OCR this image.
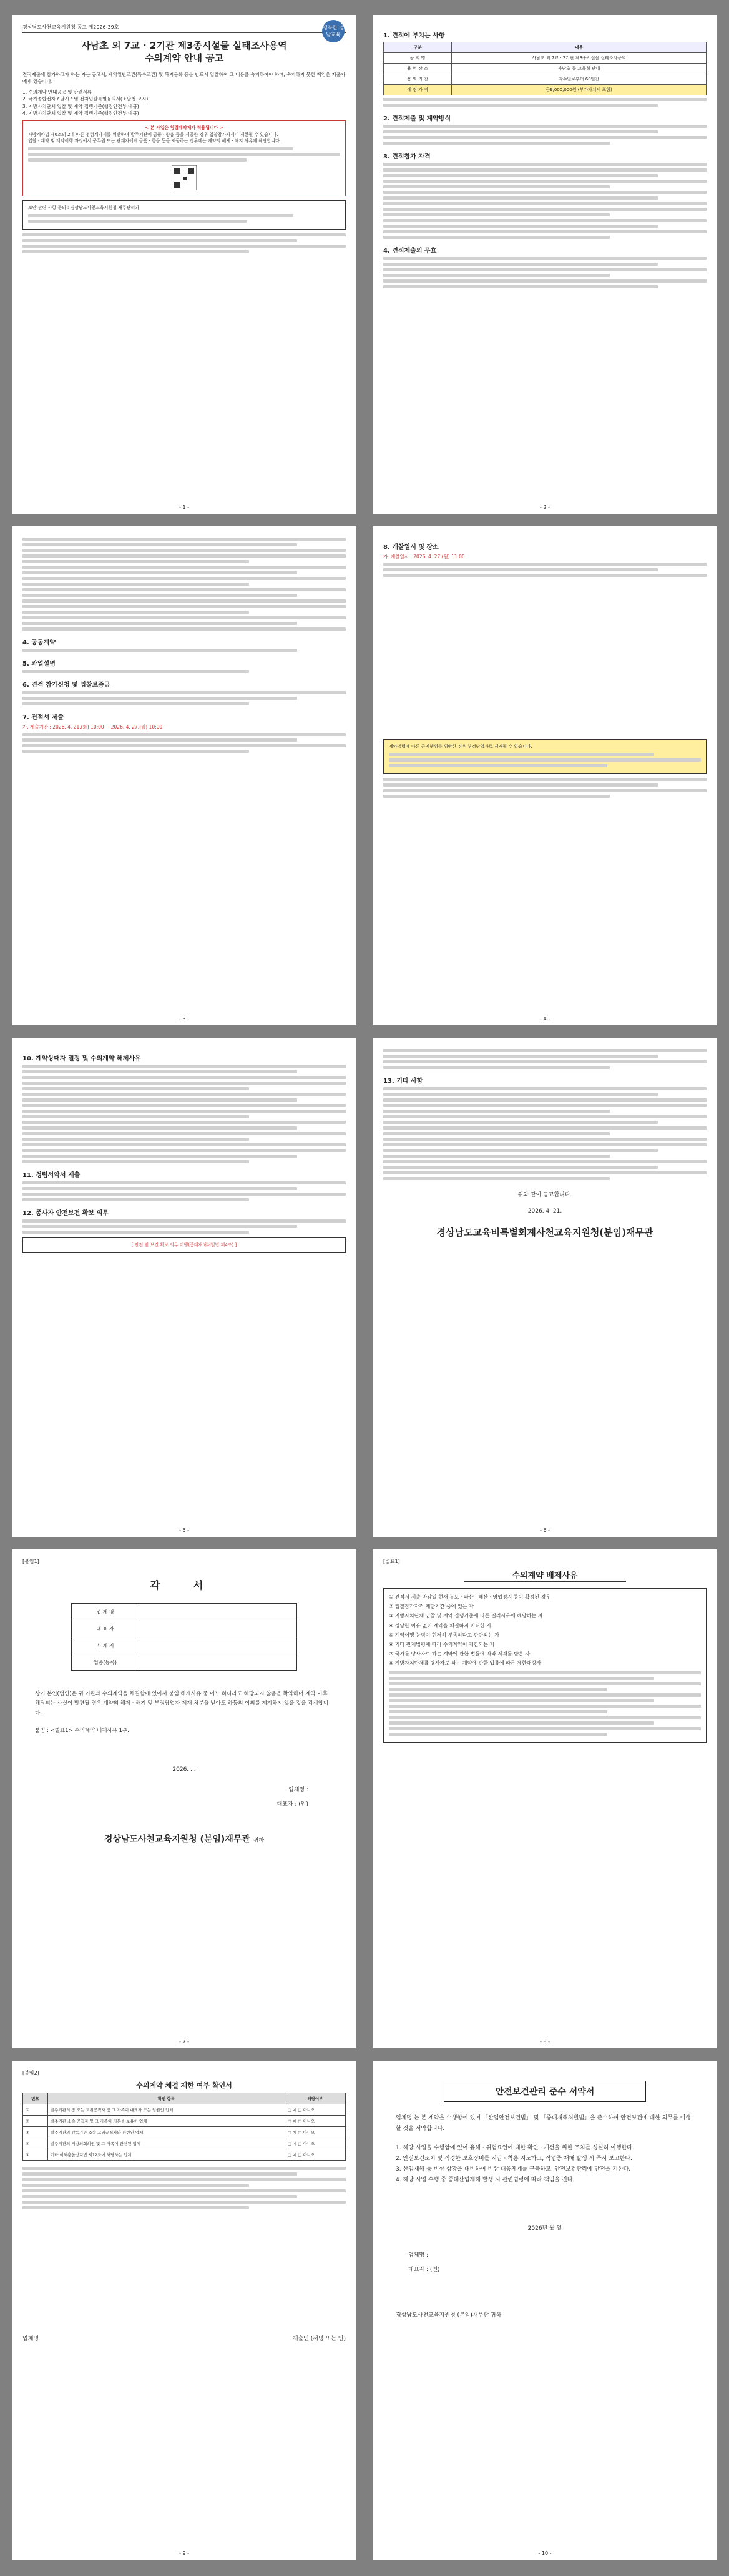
경상남도사천교육지원청 공고 제2026-39호	행복한 경남교육
사남초 외 7교 · 2기관 제3종시설물 실태조사용역
수의계약 안내 공고
견적제출에 참가하고자 하는 자는 공고서, 계약일반조건(특수조건) 및 복지문화 등을 반드시 입찰하여 그 내용을 숙지하여야 하며, 숙지하지 못한 책임은 제출자에게 있습니다.
1. 수의계약 안내공고 및 관련서류
2. 국가종합전자조달시스템 전자입찰특별유의서(조달청 고시)
3. 지방자치단체 입찰 및 계약 집행기준(행정안전부 예규)
4. 지방자치단체 입찰 및 계약 집행기준(행정안전부 예규)
< 본 사업은 청렴계약제가 적용됩니다 >
사방계약법 제6조의 2에 따른 청렴계약제를 위반하여 발주기관에 금품 · 향응 등을 제공한 경우 입찰참가자격이 제한될 수 있습니다.
입찰 · 계약 및 계약이행 과정에서 공무원 또는 관계자에게 금품 · 향응 등을 제공하는 경우에는 계약의 해제 · 해지 사유에 해당합니다.
보안 관련 사항 문의 : 경상남도사천교육지원청 재무관리과
- 1 -
1. 견적에 부치는 사항
구분	내용
용 역 명	사남초 외 7교 · 2기관 제3종시설물 실태조사용역
용 역 장 소	사남초 등 교육청 관내
용 역 기 간	착수일로부터 60일간
예 정 가 격	금9,000,000원 (부가가치세 포함)
2. 견적제출 및 계약방식
3. 견적참가 자격
4. 견적제출의 무효
- 2 -
4. 공동계약
5. 과업설명
6. 견적 참가신청 및 입찰보증금
7. 견적서 제출
가. 제출기간 : 2026. 4. 21.(화) 10:00 ~ 2026. 4. 27.(월) 10:00
- 3 -
8. 개찰일시 및 장소
가. 개찰일시 : 2026. 4. 27.(월) 11:00
계약법령에 따른 금지행위를 위반한 경우 부정당업자로 제재될 수 있습니다.
- 4 -
10. 계약상대자 결정 및 수의계약 해제사유
11. 청렴서약서 제출
12. 종사자 안전보건 확보 의무
[ 안전 및 보건 확보 의무 이행(중대재해처벌법 제4조) ]
- 5 -
13. 기타 사항
위와 같이 공고합니다.
2026. 4. 21.
경상남도교육비특별회계사천교육지원청(분임)재무관
- 6 -
[붙임1]
각 서
업 체 명	
대 표 자	
소 재 지	
업종(등록)	
상기 본인(법인)은 귀 기관과 수의계약을 체결함에 있어서 붙임 해제사유 중 어느 하나라도 해당되지 않음을 확약하며 계약 이후 해당되는 사실이 발견될 경우 계약의 해제 · 해지 및 부정당업자 제재 처분을 받아도 하등의 이의를 제기하지 않을 것을 각서합니다.
붙임 : <별표1> 수의계약 배제사유 1부.
2026. . .
업체명 :
대표자 : (인)
경상남도사천교육지원청 (분임)재무관 귀하
- 7 -
[별표1]
수의계약 배제사유
① 견적서 제출 마감일 현재 부도 · 파산 · 해산 · 영업정지 등이 확정된 경우
② 입찰참가자격 제한기간 중에 있는 자
③ 지방자치단체 입찰 및 계약 집행기준에 따른 결격사유에 해당하는 자
④ 정당한 이유 없이 계약을 체결하지 아니한 자
⑤ 계약이행 능력이 현저히 부족하다고 판단되는 자
⑥ 기타 관계법령에 따라 수의계약이 제한되는 자
⑦ 국가를 당사자로 하는 계약에 관한 법률에 따라 제재를 받은 자
⑧ 지방자치단체를 당사자로 하는 계약에 관한 법률에 따른 제한대상자
- 8 -
[붙임2]
수의계약 체결 제한 여부 확인서
번호	확인 항목	해당여부
①	발주기관의 장 또는 고위공직자 및 그 가족이 대표자 또는 임원인 업체	□ 예 □ 아니오
②	발주기관 소속 공직자 및 그 가족이 지분을 보유한 업체	□ 예 □ 아니오
③	발주기관의 감독기관 소속 고위공직자와 관련된 업체	□ 예 □ 아니오
④	발주기관의 지방의회의원 및 그 가족이 관련된 업체	□ 예 □ 아니오
⑤	기타 이해충돌방지법 제12조에 해당하는 업체	□ 예 □ 아니오
업체명	제출인 (서명 또는 인)
- 9 -
안전보건관리 준수 서약서
업체명 는 본 계약을 수행함에 있어 「산업안전보건법」 및 「중대재해처벌법」을 준수하며 안전보건에 대한 의무를 이행할 것을 서약합니다.
1. 해당 사업을 수행함에 있어 유해 · 위험요인에 대한 확인 · 개선을 위한 조치를 성실히 이행한다.
2. 안전보건조치 및 적정한 보호장비를 지급 · 착용 지도하고, 작업중 재해 발생 시 즉시 보고한다.
3. 산업재해 등 비상 상황을 대비하여 비상 대응체계를 구축하고, 안전보건관리에 만전을 기한다.
4. 해당 사업 수행 중 중대산업재해 발생 시 관련법령에 따라 책임을 진다.
2026년 월 일
업체명 :
대표자 : (인)
경상남도사천교육지원청 (분임)재무관 귀하
- 10 -
